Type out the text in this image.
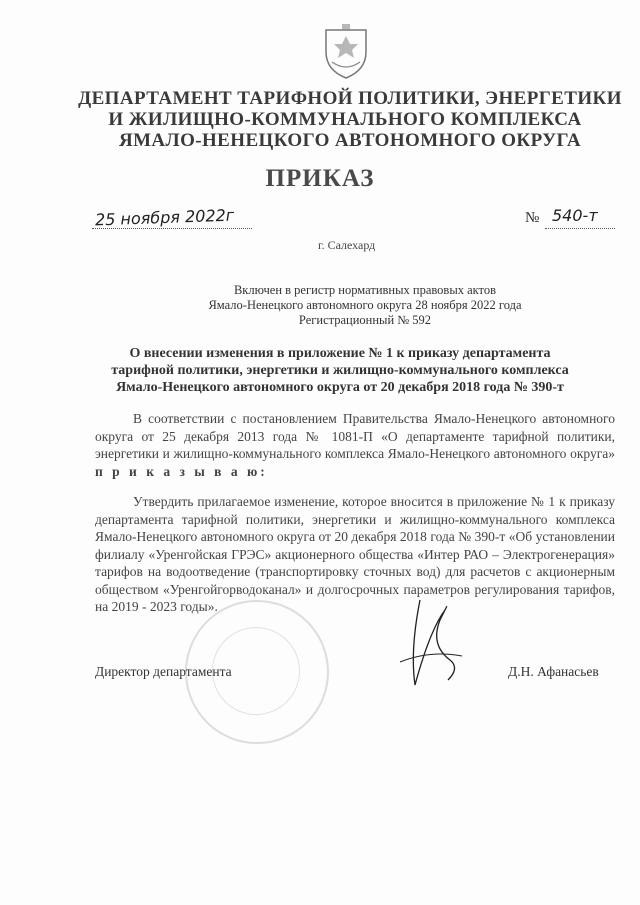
ДЕПАРТАМЕНТ ТАРИФНОЙ ПОЛИТИКИ, ЭНЕРГЕТИКИ
И ЖИЛИЩНО-КОММУНАЛЬНОГО КОМПЛЕКСА
ЯМАЛО-НЕНЕЦКОГО АВТОНОМНОГО ОКРУГА
ПРИКАЗ
25 ноября 2022г	№ 540-т
г. Салехард
Включен в регистр нормативных правовых актов
Ямало-Ненецкого автономного округа 28 ноября 2022 года
Регистрационный № 592
О внесении изменения в приложение № 1 к приказу департамента
тарифной политики, энергетики и жилищно-коммунального комплекса
Ямало-Ненецкого автономного округа от 20 декабря 2018 года № 390-т
В соответствии с постановлением Правительства Ямало-Ненецкого автономного округа от 25 декабря 2013 года № 1081-П «О департаменте тарифной политики, энергетики и жилищно-коммунального комплекса Ямало-Ненецкого автономного округа» п р и к а з ы в а ю:
Утвердить прилагаемое изменение, которое вносится в приложение № 1 к приказу департамента тарифной политики, энергетики и жилищно-коммунального комплекса Ямало-Ненецкого автономного округа от 20 декабря 2018 года № 390-т «Об установлении филиалу «Уренгойская ГРЭС» акционерного общества «Интер РАО – Электрогенерация» тарифов на водоотведение (транспортировку сточных вод) для расчетов с акционерным обществом «Уренгойгорводоканал» и долгосрочных параметров регулирования тарифов, на 2019 - 2023 годы».
Директор департамента	Д.Н. Афанасьев
